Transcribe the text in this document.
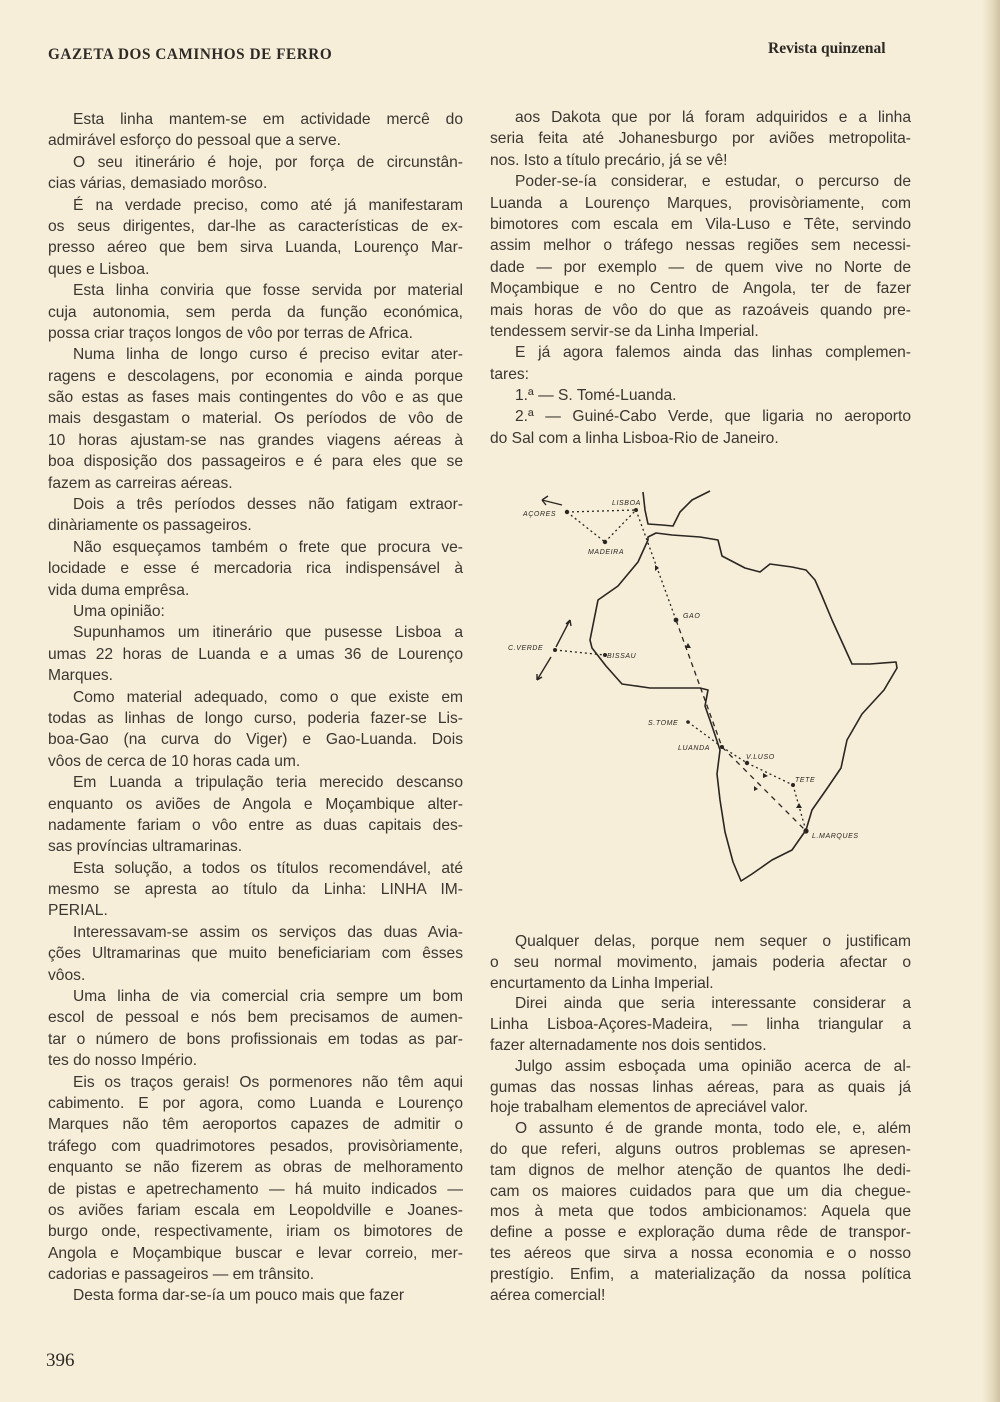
GAZETA DOS CAMINHOS DE FERRO	Revista quinzenal
Esta linha mantem-se em actividade mercê do
admirável esforço do pessoal que a serve.
O seu itinerário é hoje, por força de circunstân-
cias várias, demasiado morôso.
É na verdade preciso, como até já manifestaram
os seus dirigentes, dar-lhe as características de ex-
presso aéreo que bem sirva Luanda, Lourenço Mar-
ques e Lisboa.
Esta linha conviria que fosse servida por material
cuja autonomia, sem perda da função económica,
possa criar traços longos de vôo por terras de Africa.
Numa linha de longo curso é preciso evitar ater-
ragens e descolagens, por economia e ainda porque
são estas as fases mais contingentes do vôo e as que
mais desgastam o material. Os períodos de vôo de
10 horas ajustam-se nas grandes viagens aéreas à
boa disposição dos passageiros e é para eles que se
fazem as carreiras aéreas.
Dois a três períodos desses não fatigam extraor-
dinàriamente os passageiros.
Não esqueçamos também o frete que procura ve-
locidade e esse é mercadoria rica indispensável à
vida duma emprêsa.
Uma opinião:
Supunhamos um itinerário que pusesse Lisboa a
umas 22 horas de Luanda e a umas 36 de Lourenço
Marques.
Como material adequado, como o que existe em
todas as linhas de longo curso, poderia fazer-se Lis-
boa-Gao (na curva do Viger) e Gao-Luanda. Dois
vôos de cerca de 10 horas cada um.
Em Luanda a tripulação teria merecido descanso
enquanto os aviões de Angola e Moçambique alter-
nadamente fariam o vôo entre as duas capitais des-
sas províncias ultramarinas.
Esta solução, a todos os títulos recomendável, até
mesmo se apresta ao título da Linha: LINHA IM-
PERIAL.
Interessavam-se assim os serviços das duas Avia-
ções Ultramarinas que muito beneficiariam com êsses
vôos.
Uma linha de via comercial cria sempre um bom
escol de pessoal e nós bem precisamos de aumen-
tar o número de bons profissionais em todas as par-
tes do nosso Império.
Eis os traços gerais! Os pormenores não têm aqui
cabimento. E por agora, como Luanda e Lourenço
Marques não têm aeroportos capazes de admitir o
tráfego com quadrimotores pesados, provisòriamente,
enquanto se não fizerem as obras de melhoramento
de pistas e apetrechamento — há muito indicados —
os aviões fariam escala em Leopoldville e Joanes-
burgo onde, respectivamente, iriam os bimotores de
Angola e Moçambique buscar e levar correio, mer-
cadorias e passageiros — em trânsito.
Desta forma dar-se-ía um pouco mais que fazer
aos Dakota que por lá foram adquiridos e a linha
seria feita até Johanesburgo por aviões metropolita-
nos. Isto a título precário, já se vê!
Poder-se-ía considerar, e estudar, o percurso de
Luanda a Lourenço Marques, provisòriamente, com
bimotores com escala em Vila-Luso e Tête, servindo
assim melhor o tráfego nessas regiões sem necessi-
dade — por exemplo — de quem vive no Norte de
Moçambique e no Centro de Angola, ter de fazer
mais horas de vôo do que as razoáveis quando pre-
tendessem servir-se da Linha Imperial.
E já agora falemos ainda das linhas complemen-
tares:
1.ª — S. Tomé-Luanda.
2.ª — Guiné-Cabo Verde, que ligaria no aeroporto
do Sal com a linha Lisboa-Rio de Janeiro.
AÇORES
LISBOA
MADEIRA
GAO
C.VERDE
BISSAU
S.TOME
LUANDA
V.LUSO
TETE
L.MARQUES
Qualquer delas, porque nem sequer o justificam
o seu normal movimento, jamais poderia afectar o
encurtamento da Linha Imperial.
Direi ainda que seria interessante considerar a
Linha Lisboa-Açores-Madeira, — linha triangular a
fazer alternadamente nos dois sentidos.
Julgo assim esboçada uma opinião acerca de al-
gumas das nossas linhas aéreas, para as quais já
hoje trabalham elementos de apreciável valor.
O assunto é de grande monta, todo ele, e, além
do que referi, alguns outros problemas se apresen-
tam dignos de melhor atenção de quantos lhe dedi-
cam os maiores cuidados para que um dia chegue-
mos à meta que todos ambicionamos: Aquela que
define a posse e exploração duma rêde de transpor-
tes aéreos que sirva a nossa economia e o nosso
prestígio. Enfim, a materialização da nossa política
aérea comercial!
396
